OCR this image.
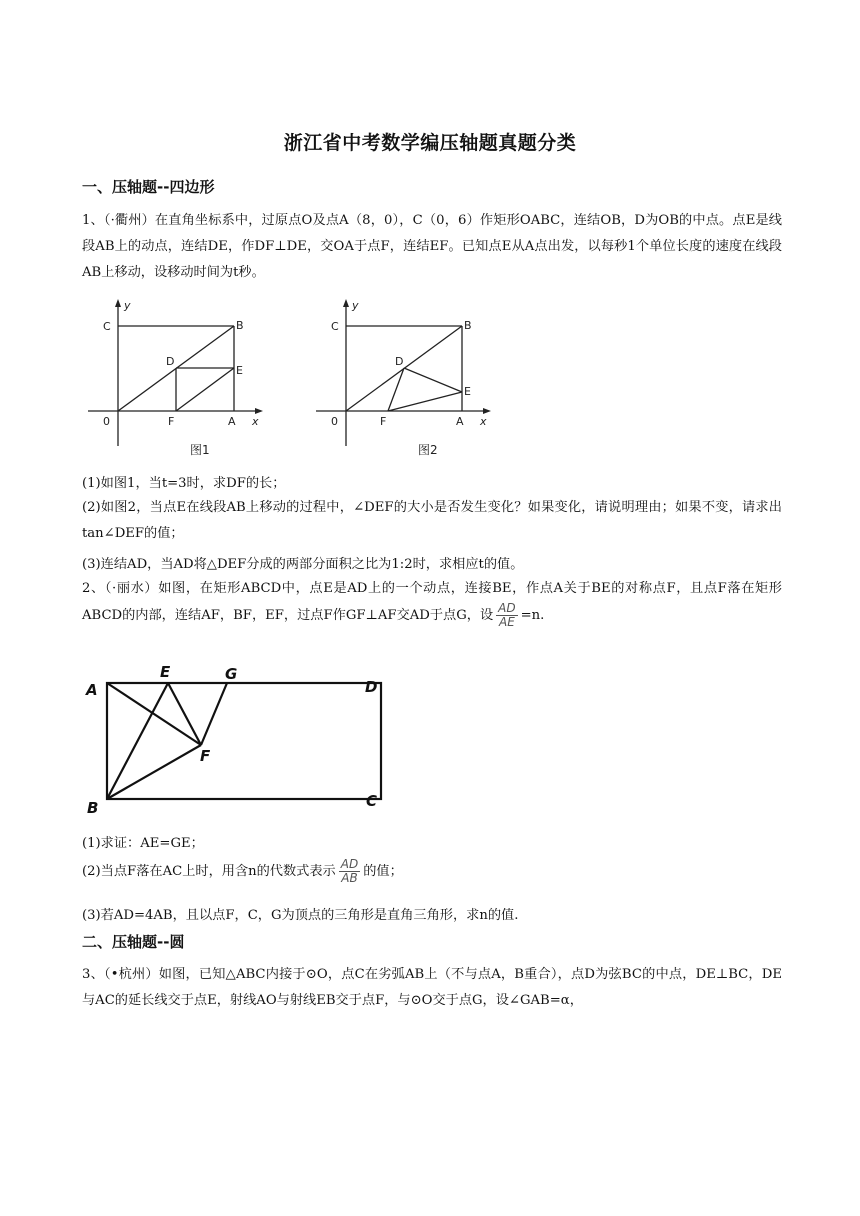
浙江省中考数学编压轴题真题分类
一、压轴题--四边形
1、（·衢州）在直角坐标系中，过原点O及点A（8，0），C（0，6）作矩形OABC，连结OB，D为OB的中点。点E是线段AB上的动点，连结DE，作DF⊥DE，交OA于点F，连结EF。已知点E从A点出发，以每秒1个单位长度的速度在线段AB上移动，设移动时间为t秒。
y
x
C	B
D
E
0	F	A
图1
y
x
C	B
D
E
0	F	A
图2
(1)如图1，当t=3时，求DF的长；
(2)如图2，当点E在线段AB上移动的过程中，∠DEF的大小是否发生变化？如果变化，请说明理由；如果不变，请求出tan∠DEF的值；
(3)连结AD，当AD将△DEF分成的两部分面积之比为1:2时，求相应t的值。
2、（·丽水）如图，在矩形ABCD中，点E是AD上的一个动点，连接BE，作点A关于BE的对称点F，且点F落在矩形ABCD的内部，连结AF，BF，EF，过点F作GF⊥AF交AD于点G，设 $\frac{AD}{AE} =n$.
A
E	G
D
F
B	C
(1)求证：AE=GE；
(2)当点F落在AC上时，用含n的代数式表示 $\frac{AD}{AB}$ 的值；
(3)若AD=4AB，且以点F，C，G为顶点的三角形是直角三角形，求n的值.
二、压轴题--圆
3、（•杭州）如图，已知△ABC内接于⊙O，点C在劣弧AB上（不与点A，B重合），点D为弦BC的中点，DE⊥BC，DE与AC的延长线交于点E，射线AO与射线EB交于点F，与⊙O交于点G，设∠GAB=α，
